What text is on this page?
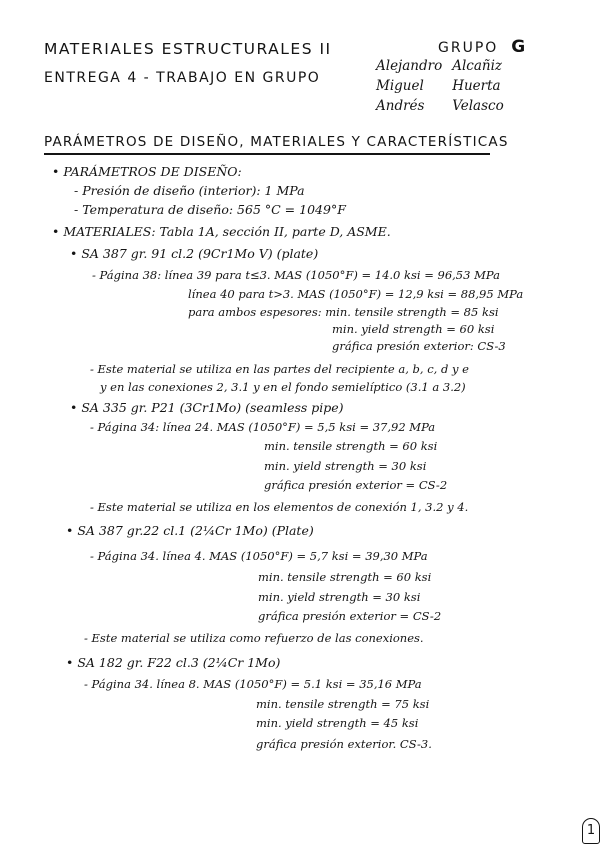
MATERIALES ESTRUCTURALES II
ENTREGA 4 - TRABAJO EN GRUPO
GRUPO G
Alejandro	Alcañiz
Miguel	Huerta
Andrés	Velasco
PARÁMETROS DE DISEÑO, MATERIALES Y CARACTERÍSTICAS
• PARÁMETROS DE DISEÑO:
- Presión de diseño (interior): 1 MPa
- Temperatura de diseño: 565 °C = 1049°F
• MATERIALES: Tabla 1A, sección II, parte D, ASME.
• SA 387 gr. 91 cl.2 (9Cr1Mo V) (plate)
- Página 38: línea 39 para t≤3. MAS (1050°F) = 14.0 ksi = 96,53 MPa
línea 40 para t>3. MAS (1050°F) = 12,9 ksi = 88,95 MPa
para ambos espesores: min. tensile strength = 85 ksi
min. yield strength = 60 ksi
gráfica presión exterior: CS-3
- Este material se utiliza en las partes del recipiente a, b, c, d y e
y en las conexiones 2, 3.1 y en el fondo semielíptico (3.1 a 3.2)
• SA 335 gr. P21 (3Cr1Mo) (seamless pipe)
- Página 34: línea 24. MAS (1050°F) = 5,5 ksi = 37,92 MPa
min. tensile strength = 60 ksi
min. yield strength = 30 ksi
gráfica presión exterior = CS-2
- Este material se utiliza en los elementos de conexión 1, 3.2 y 4.
• SA 387 gr.22 cl.1 (2¼Cr 1Mo) (Plate)
- Página 34. línea 4. MAS (1050°F) = 5,7 ksi = 39,30 MPa
min. tensile strength = 60 ksi
min. yield strength = 30 ksi
gráfica presión exterior = CS-2
- Este material se utiliza como refuerzo de las conexiones.
• SA 182 gr. F22 cl.3 (2¼Cr 1Mo)
- Página 34. línea 8. MAS (1050°F) = 5.1 ksi = 35,16 MPa
min. tensile strength = 75 ksi
min. yield strength = 45 ksi
gráfica presión exterior. CS-3.
1
